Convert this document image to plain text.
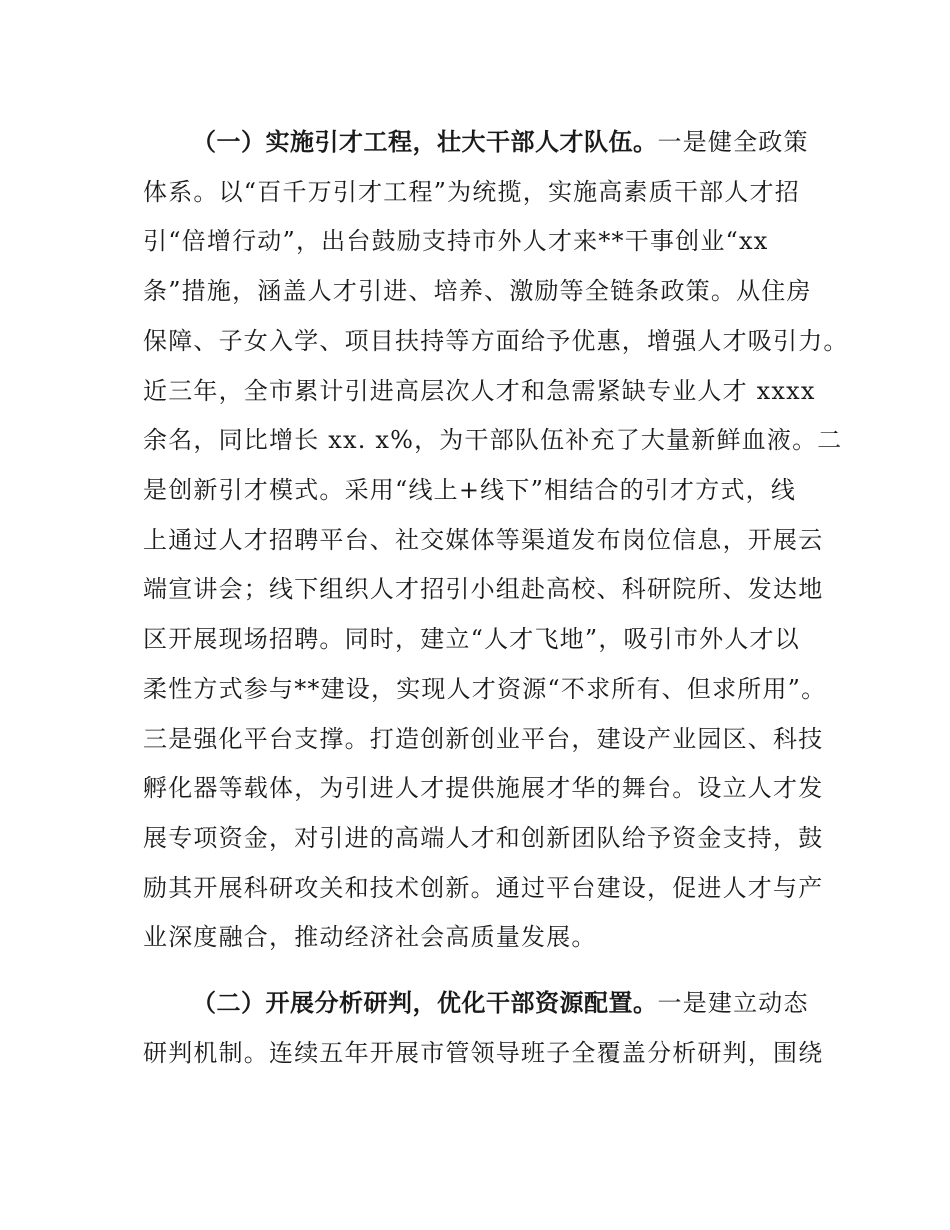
（一）实施引才工程，壮大干部人才队伍。一是健全政策
体系。以“百千万引才工程”为统揽，实施高素质干部人才招
引“倍增行动”，出台鼓励支持市外人才来**干事创业“xx
条”措施，涵盖人才引进、培养、激励等全链条政策。从住房
保障、子女入学、项目扶持等方面给予优惠，增强人才吸引力。
近三年，全市累计引进高层次人才和急需紧缺专业人才 xxxx
余名，同比增长 xx. x%，为干部队伍补充了大量新鲜血液。二
是创新引才模式。采用“线上+线下”相结合的引才方式，线
上通过人才招聘平台、社交媒体等渠道发布岗位信息，开展云
端宣讲会；线下组织人才招引小组赴高校、科研院所、发达地
区开展现场招聘。同时，建立“人才飞地”，吸引市外人才以
柔性方式参与**建设，实现人才资源“不求所有、但求所用”。
三是强化平台支撑。打造创新创业平台，建设产业园区、科技
孵化器等载体，为引进人才提供施展才华的舞台。设立人才发
展专项资金，对引进的高端人才和创新团队给予资金支持，鼓
励其开展科研攻关和技术创新。通过平台建设，促进人才与产
业深度融合，推动经济社会高质量发展。
（二）开展分析研判，优化干部资源配置。一是建立动态
研判机制。连续五年开展市管领导班子全覆盖分析研判，围绕
